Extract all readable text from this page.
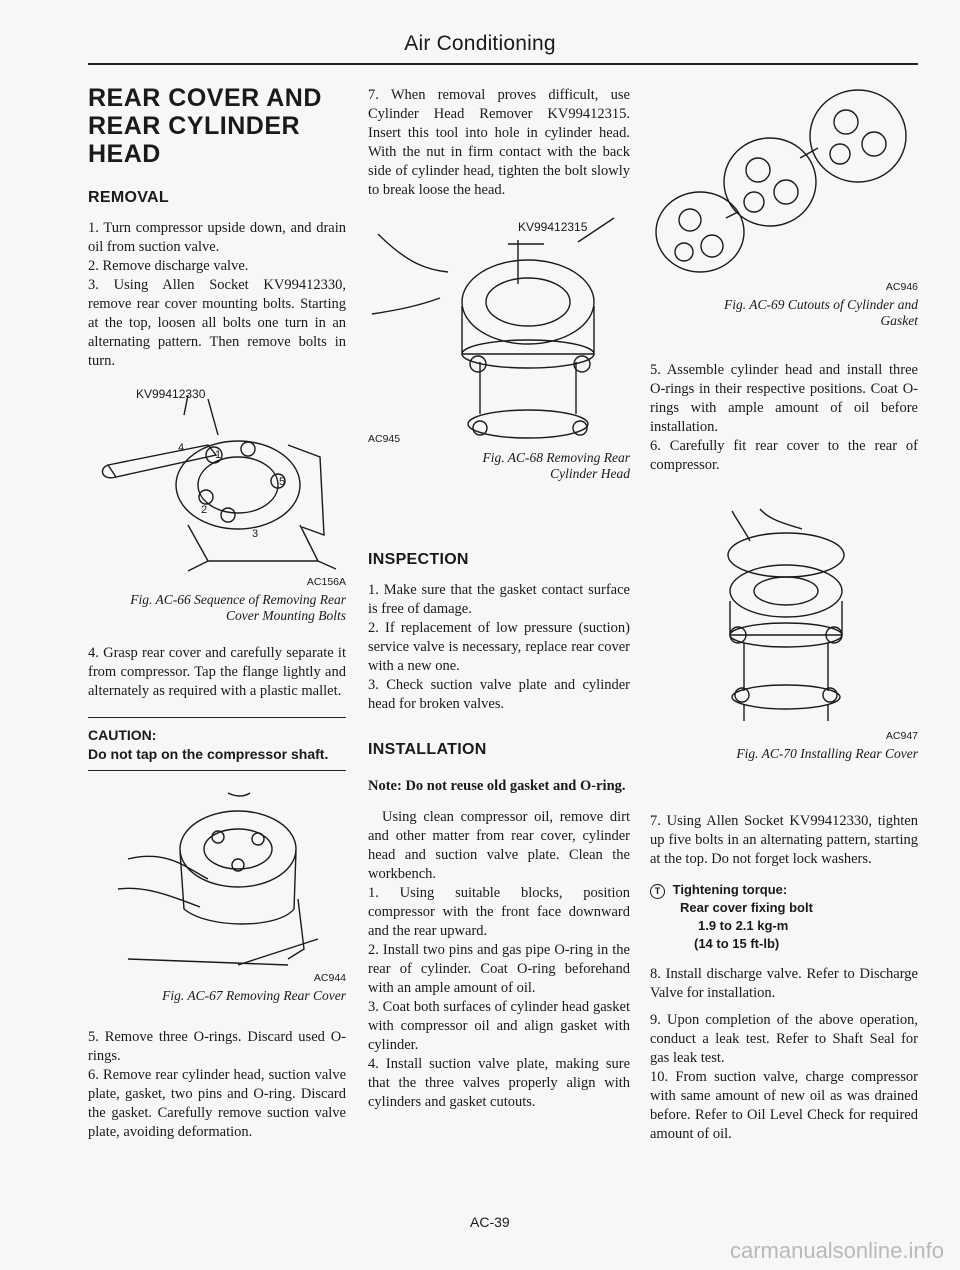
Air Conditioning
REAR COVER AND REAR CYLINDER HEAD
REMOVAL

1. Turn compressor upside down, and drain oil from suction valve.

2. Remove discharge valve.

3. Using Allen Socket KV99412330, remove rear cover mounting bolts. Starting at the top, loosen all bolts one turn in an alternating pattern. Then remove bolts in turn.

1
4
5
2
3
KV99412330
AC156A
Fig. AC-66 Sequence of Removing Rear Cover Mounting Bolts

4. Grasp rear cover and carefully separate it from compressor. Tap the flange lightly and alternately as required with a plastic mallet.

CAUTION:
Do not tap on the compressor shaft.
AC944
Fig. AC-67 Removing Rear Cover

5. Remove three O-rings. Discard used O-rings.

6. Remove rear cylinder head, suction valve plate, gasket, two pins and O-ring. Discard the gasket. Carefully remove suction valve plate, avoiding deformation.

7. When removal proves difficult, use Cylinder Head Remover KV99412315. Insert this tool into hole in cylinder head. With the nut in firm contact with the back side of cylinder head, tighten the bolt slowly to break loose the head.

KV99412315
AC945
Fig. AC-68 Removing Rear Cylinder Head
INSPECTION

1. Make sure that the gasket contact surface is free of damage.

2. If replacement of low pressure (suction) service valve is necessary, replace rear cover with a new one.

3. Check suction valve plate and cylinder head for broken valves.

INSTALLATION

Note: Do not reuse old gasket and O-ring.

Using clean compressor oil, remove dirt and other matter from rear cover, cylinder head and suction valve plate. Clean the workbench.

1. Using suitable blocks, position compressor with the front face downward and the rear upward.

2. Install two pins and gas pipe O-ring in the rear of cylinder. Coat O-ring beforehand with an ample amount of oil.

3. Coat both surfaces of cylinder head gasket with compressor oil and align gasket with cylinder.

4. Install suction valve plate, making sure that the three valves properly align with cylinders and gasket cutouts.

AC946
Fig. AC-69 Cutouts of Cylinder and Gasket

5. Assemble cylinder head and install three O-rings in their respective positions. Coat O-rings with ample amount of oil before installation.

6. Carefully fit rear cover to the rear of compressor.

AC947
Fig. AC-70 Installing Rear Cover

7. Using Allen Socket KV99412330, tighten up five bolts in an alternating pattern, starting at the top. Do not forget lock washers.

T Tightening torque:
Rear cover fixing bolt
1.9 to 2.1 kg-m
(14 to 15 ft-lb)

8. Install discharge valve. Refer to Discharge Valve for installation.

9. Upon completion of the above operation, conduct a leak test. Refer to Shaft Seal for gas leak test.

10. From suction valve, charge compressor with same amount of new oil as was drained before. Refer to Oil Level Check for required amount of oil.

AC-39
carmanualsonline.info
